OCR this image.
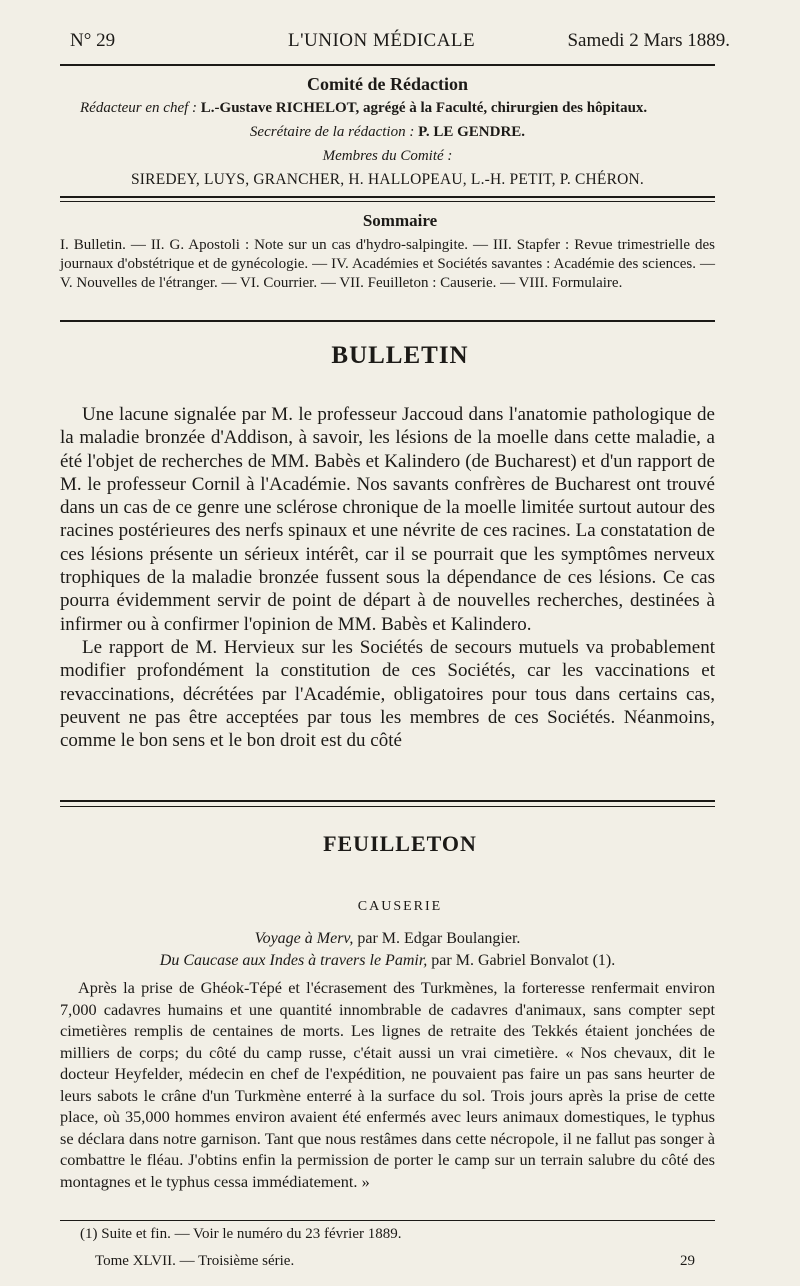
N° 29	L'UNION MÉDICALE	Samedi 2 Mars 1889.
Comité de Rédaction
Rédacteur en chef : L.-Gustave RICHELOT, agrégé à la Faculté, chirurgien des hôpitaux.
Secrétaire de la rédaction : P. LE GENDRE.
Membres du Comité :
SIREDEY, LUYS, GRANCHER, H. HALLOPEAU, L.-H. PETIT, P. CHÉRON.
Sommaire
I. Bulletin. — II. G. Apostoli : Note sur un cas d'hydro-salpingite. — III. Stapfer : Revue trimestrielle des journaux d'obstétrique et de gynécologie. — IV. Académies et Sociétés savantes : Académie des sciences. — V. Nouvelles de l'étranger. — VI. Courrier. — VII. Feuilleton : Causerie. — VIII. Formulaire.
BULLETIN

Une lacune signalée par M. le professeur Jaccoud dans l'anatomie pathologique de la maladie bronzée d'Addison, à savoir, les lésions de la moelle dans cette maladie, a été l'objet de recherches de MM. Babès et Kalindero (de Bucharest) et d'un rapport de M. le professeur Cornil à l'Académie. Nos savants confrères de Bucharest ont trouvé dans un cas de ce genre une sclérose chronique de la moelle limitée surtout autour des racines postérieures des nerfs spinaux et une névrite de ces racines. La constatation de ces lésions présente un sérieux intérêt, car il se pourrait que les symptômes nerveux trophiques de la maladie bronzée fussent sous la dépendance de ces lésions. Ce cas pourra évidemment servir de point de départ à de nouvelles recherches, destinées à infirmer ou à confirmer l'opinion de MM. Babès et Kalindero.

Le rapport de M. Hervieux sur les Sociétés de secours mutuels va probablement modifier profondément la constitution de ces Sociétés, car les vaccinations et revaccinations, décrétées par l'Académie, obligatoires pour tous dans certains cas, peuvent ne pas être acceptées par tous les membres de ces Sociétés. Néanmoins, comme le bon sens et le bon droit est du côté

FEUILLETON
CAUSERIE
Voyage à Merv, par M. Edgar Boulangier.
Du Caucase aux Indes à travers le Pamir, par M. Gabriel Bonvalot (1).

Après la prise de Ghéok-Tépé et l'écrasement des Turkmènes, la forteresse renfermait environ 7,000 cadavres humains et une quantité innombrable de cadavres d'animaux, sans compter sept cimetières remplis de centaines de morts. Les lignes de retraite des Tekkés étaient jonchées de milliers de corps; du côté du camp russe, c'était aussi un vrai cimetière. « Nos chevaux, dit le docteur Heyfelder, médecin en chef de l'expédition, ne pouvaient pas faire un pas sans heurter de leurs sabots le crâne d'un Turkmène enterré à la surface du sol. Trois jours après la prise de cette place, où 35,000 hommes environ avaient été enfermés avec leurs animaux domestiques, le typhus se déclara dans notre garnison. Tant que nous restâmes dans cette nécropole, il ne fallut pas songer à combattre le fléau. J'obtins enfin la permission de porter le camp sur un terrain salubre du côté des montagnes et le typhus cessa immédiatement. »

(1) Suite et fin. — Voir le numéro du 23 février 1889.
Tome XLVII. — Troisième série.	29
